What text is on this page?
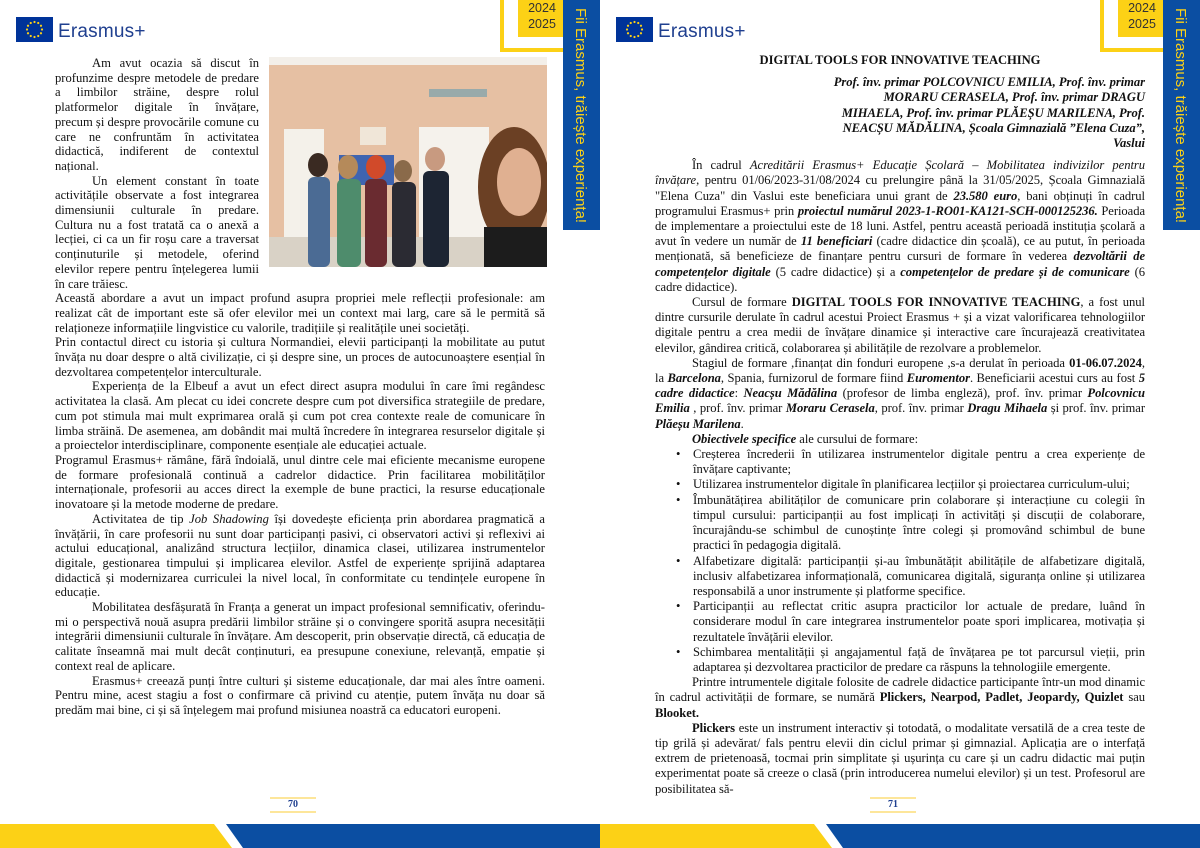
Erasmus+
2024
2025	Fii Erasmus, trăiește experiența!

Am avut ocazia să discut în profunzime despre metodele de predare a limbilor străine, despre rolul platformelor digitale în învățare, precum și despre provocările comune cu care ne confruntăm în activitatea didactică, indiferent de contextul național.

Un element constant în toate activitățile observate a fost integrarea dimensiunii culturale în predare. Cultura nu a fost tratată ca o anexă a lecției, ci ca un fir roșu care a traversat conținuturile și metodele, oferind elevilor repere pentru înțelegerea lumii în care trăiesc.

Această abordare a avut un impact profund asupra propriei mele reflecții profesionale: am realizat cât de important este să ofer elevilor mei un context mai larg, care să le permită să relaționeze informațiile lingvistice cu valorile, tradițiile și realitățile unei societăți.

Prin contactul direct cu istoria și cultura Normandiei, elevii participanți la mobilitate au putut învăța nu doar despre o altă civilizație, ci și despre sine, un proces de autocunoaștere esențial în dezvoltarea competențelor interculturale.

Experiența de la Elbeuf a avut un efect direct asupra modului în care îmi regândesc activitatea la clasă. Am plecat cu idei concrete despre cum pot diversifica strategiile de predare, cum pot stimula mai mult exprimarea orală și cum pot crea contexte reale de comunicare în limba străină. De asemenea, am dobândit mai multă încredere în integrarea resurselor digitale și a proiectelor interdisciplinare, componente esențiale ale educației actuale.

Programul Erasmus+ rămâne, fără îndoială, unul dintre cele mai eficiente mecanisme europene de formare profesională continuă a cadrelor didactice. Prin facilitarea mobilităților internaționale, profesorii au acces direct la exemple de bune practici, la resurse educaționale inovatoare și la metode moderne de predare.

Activitatea de tip Job Shadowing își dovedește eficiența prin abordarea pragmatică a învățării, în care profesorii nu sunt doar participanți pasivi, ci observatori activi și reflexivi ai actului educațional, analizând structura lecțiilor, dinamica clasei, utilizarea instrumentelor digitale, gestionarea timpului și implicarea elevilor. Astfel de experiențe sprijină adaptarea didactică și modernizarea curriculei la nivel local, în conformitate cu tendințele europene în educație.

Mobilitatea desfășurată în Franța a generat un impact profesional semnificativ, oferindu-mi o perspectivă nouă asupra predării limbilor străine și o convingere sporită asupra necesității integrării dimensiunii culturale în învățare. Am descoperit, prin observație directă, că educația de calitate înseamnă mai mult decât conținuturi, ea presupune conexiune, relevanță, empatie și context real de aplicare.

Erasmus+ creează punți între culturi și sisteme educaționale, dar mai ales între oameni. Pentru mine, acest stagiu a fost o confirmare că privind cu atenție, putem învăța nu doar să predăm mai bine, ci și să înțelegem mai profund misiunea noastră ca educatori europeni.

70
Erasmus+
2024
2025	Fii Erasmus, trăiește experiența!
DIGITAL TOOLS FOR INNOVATIVE TEACHING
Prof. înv. primar POLCOVNICU EMILIA, Prof. înv. primar
MORARU CERASELA, Prof. înv. primar DRAGU
MIHAELA, Prof. înv. primar PLĂEȘU MARILENA, Prof.
NEACȘU MĂDĂLINA, Școala Gimnazială ”Elena Cuza”,
Vaslui

În cadrul Acreditării Erasmus+ Educație Școlară – Mobilitatea indivizilor pentru învățare, pentru 01/06/2023-31/08/2024 cu prelungire până la 31/05/2025, Școala Gimnazială "Elena Cuza" din Vaslui este beneficiara unui grant de 23.580 euro, bani obținuți în cadrul programului Erasmus+ prin proiectul numărul 2023-1-RO01-KA121-SCH-000125236. Perioada de implementare a proiectului este de 18 luni. Astfel, pentru această perioadă instituția școlară a avut în vedere un număr de 11 beneficiari (cadre didactice din școală), ce au putut, în perioada menționată, să beneficieze de finanțare pentru cursuri de formare în vederea dezvoltării de competențelor digitale (5 cadre didactice) și a competențelor de predare și de comunicare (6 cadre didactice).

Cursul de formare DIGITAL TOOLS FOR INNOVATIVE TEACHING, a fost unul dintre cursurile derulate în cadrul acestui Proiect Erasmus + și a vizat valorificarea tehnologiilor digitale pentru a crea medii de învățare dinamice și interactive care încurajează creativitatea elevilor, gândirea critică, colaborarea și abilitățile de rezolvare a problemelor.

Stagiul de formare ,finanțat din fonduri europene ,s-a derulat în perioada 01-06.07.2024, la Barcelona, Spania, furnizorul de formare fiind Euromentor. Beneficiarii acestui curs au fost 5 cadre didactice: Neacșu Mădălina (profesor de limba engleză), prof. înv. primar Polcovnicu Emilia , prof. înv. primar Moraru Cerasela, prof. înv. primar Dragu Mihaela și prof. înv. primar Plăeșu Marilena.

Obiectivele specifice ale cursului de formare:

• Creșterea încrederii în utilizarea instrumentelor digitale pentru a crea experiențe de învățare captivante;
• Utilizarea instrumentelor digitale în planificarea lecțiilor și proiectarea curriculum-ului;
• Îmbunătățirea abilităților de comunicare prin colaborare și interacțiune cu colegii în timpul cursului: participanții au fost implicați în activități și discuții de colaborare, încurajându-se schimbul de cunoștințe între colegi și promovând schimbul de bune practici în pedagogia digitală.
• Alfabetizare digitală: participanții și-au îmbunătățit abilitățile de alfabetizare digitală, inclusiv alfabetizarea informațională, comunicarea digitală, siguranța online și utilizarea responsabilă a unor instrumente și platforme specifice.
• Participanții au reflectat critic asupra practicilor lor actuale de predare, luând în considerare modul în care integrarea instrumentelor poate spori implicarea, motivația și rezultatele învățării elevilor.
• Schimbarea mentalității și angajamentul față de învățarea pe tot parcursul vieții, prin adaptarea și dezvoltarea practicilor de predare ca răspuns la tehnologiile emergente.

Printre intrumentele digitale folosite de cadrele didactice participante într-un mod dinamic în cadrul activității de formare, se numără Plickers, Nearpod, Padlet, Jeopardy, Quizlet sau Blooket.

Plickers este un instrument interactiv și totodată, o modalitate versatilă de a crea teste de tip grilă și adevărat/ fals pentru elevii din ciclul primar și gimnazial. Aplicația are o interfață extrem de prietenoasă, tocmai prin simplitate și ușurința cu care și un cadru didactic mai puțin experimentat poate să creeze o clasă (prin introducerea numelui elevilor) și un test. Profesorul are posibilitatea să-

71
